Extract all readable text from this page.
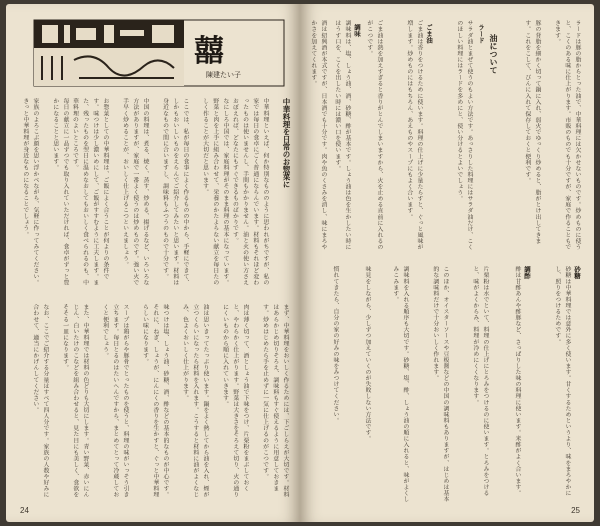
囍
陳建たい子
中華料理を日常のお惣菜に
中華料理といえば、何か特別なもののように思われがちですが、私の家では毎日の食卓にごく普通にならんでいます。材料もそれほど変わったものは使いませんし、手間もかかりません。油と火の使い方さえおぼえれば、どなたにもすぐできるものばかりです。
なにしろ中国では、家庭料理がそのまま料理の基本になっています。野菜と肉を上手に組み合わせて、栄養のかたよらない献立を毎日たのしく作ることが大切だと思います。
ここでは、私が毎日の食事によく作るものの中から、手軽にできて、しかもおいしいものをえらんでご紹介してみたいと思います。材料は身近なもので間に合いますし、調味料もふつうのもので十分です。
中国の料理は、煮る、焼く、蒸す、炒める、揚げるなど、いろいろな方法がありますが、家庭で一番よく使うのは炒めものです。強い火で手早く炒めることが、おいしく仕上げるこつといえましょう。
お惣菜としての中華料理は、ご飯によく合うことが何よりの条件です。味つけは少し濃いめにして、ご飯がすすむように工夫します。また、残ったものを翌日に温めなおしてもおいしく食べられるのも、中華料理のよいところです。
毎日の献立に一品ずつでも取り入れていただければ、食卓がずっと豊かになることと思います。
家族のよろこぶ顔を思い浮かべながら、気軽に作ってみてください。きっと中華料理が身近なものになることでしょう。
まず、中華料理をおいしく作るためには、下ごしらえが大切です。材料はあらかじめ切りそろえ、調味料もすぐ使えるように用意しておきます。炒めはじめたら手を止めずに一気に仕上げるのがこつです。
肉は薄く切って、酒としょう油で下味をつけ、片栗粉をまぶしておくと、やわらかく仕上がります。野菜は大きさをそろえて切り、火の通りにくいものから順に入れていきます。
油は思いきってたっぷり使います。鍋をよく熱してから油を入れ、煙が立つくらいになったら材料を入れます。こうすると材料に油がよくなじみ、色よくおいしく仕上がります。
味つけは塩、しょう油、砂糖、酒、酢などの基本的なものが中心です。それに、ねぎ、しょうが、にんにくの香りを生かすと、ぐっと中華料理らしい味になります。
スープは鶏がらや豚骨でとったものを使うと、料理の味がいっそう引き立ちます。毎日とるのはたいへんですから、まとめてとって冷蔵しておくと便利でしょう。
また、中華料理では材料の色どりも大切にします。青い野菜、赤いにんじん、白いたけのこなどを組み合わせると、見た目にも美しく、食欲をそそる一皿になります。
なお、ここでご紹介する分量はすべて四人分です。家族の人数や好みに合わせて、適当にかげんしてください。
24
ラードは豚の脂からとった油で、中華料理には欠かせないものです。炒めものに使うと、こくのある味に仕上がります。市販のものでも十分ですが、家庭で作ることもできます。
豚の背脂を細かく切って鍋に入れ、弱火でゆっくり炒めると、脂がとけ出してきます。これをこして、びんに入れて保存しておくと便利です。
油について
ラード
サラダ油とまぜて使うのもよい方法です。あっさりした料理にはサラダ油だけ、こくのほしい料理にはラードを多めにと、使い分けるとよいでしょう。
ごま油
ごま油は香りをつけるために使います。料理の仕上げに少量たらすと、ぐっと風味が増します。炒めものにはもちろん、あえものやスープにもよく合います。
ごま油は熱を加えすぎると香りがとんでしまいますから、火を止める直前に入れるのがこつです。
調味
調味料は、塩、しょう油、酒、砂糖、酢が基本です。しょう油は色を生かしたい時にはうす口を、こくを出したい時には濃い口を使います。
酒は紹興酒が本式ですが、日本酒でも十分です。肉や魚のくさみを消し、味にまろやかさを加えてくれます。
砂糖
砂糖は中華料理では意外に多く使います。甘くするためというより、味をまろやかにし、照りをつけるためです。
調酢
酢は甘酢あんや酢豚など、さっぱりした味の料理に使います。米酢がよく合います。
片栗粉は水でといて、料理の仕上げにとろみをつけるのに使います。とろみをつけると、味がよくからみ、料理が冷めにくくなります。
このほか、オイスターソースや豆板醤などの中国の調味料もありますが、はじめは基本的な調味料だけで十分おいしく作れます。
調味料を入れる順序も大切です。砂糖、塩、酢、しょう油の順に入れると、味がよくしみこみます。
味見をしながら、少しずつ加えていくのが失敗しない方法です。
慣れてきたら、自分の家の好みの味をみつけてください。
25
